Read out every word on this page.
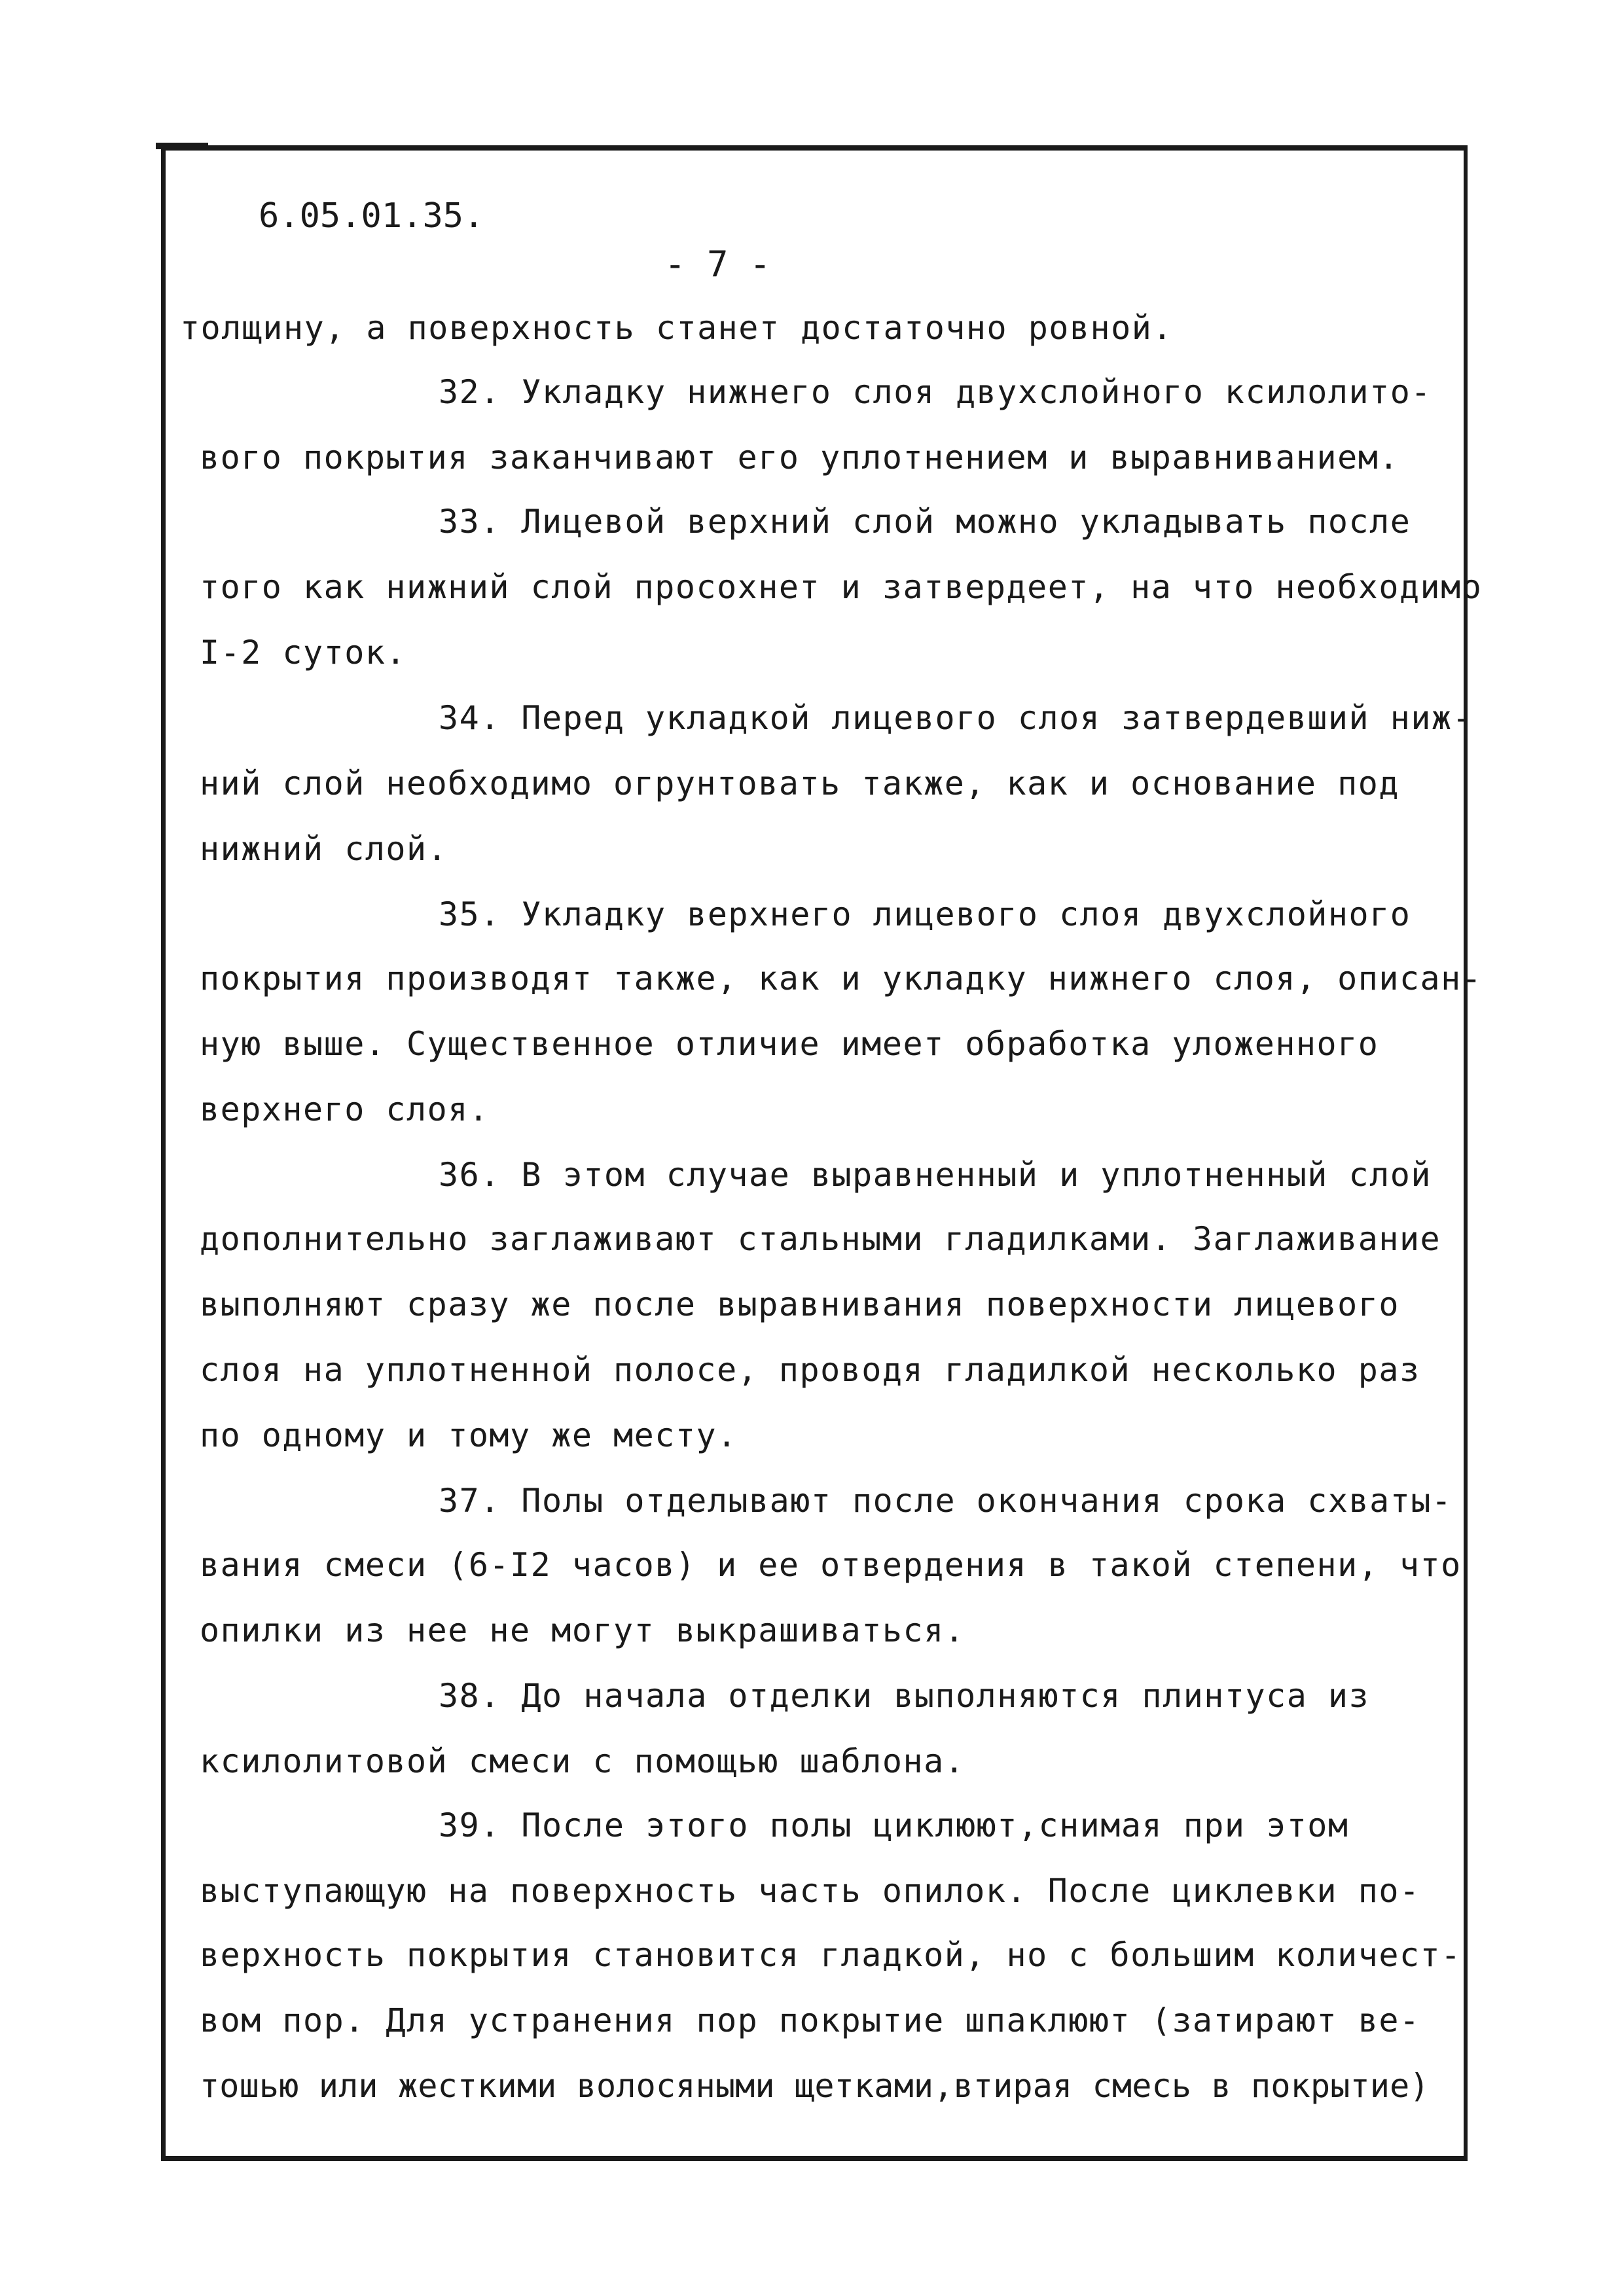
6.05.01.35.
- 7 -
толщину, а поверхность станет достаточно ровной.
32. Укладку нижнего слоя двухслойного ксилолито-
вого покрытия заканчивают его уплотнением и выравниванием.
33. Лицевой верхний слой можно укладывать после
того как нижний слой просохнет и затвердеет, на что необходимо
I-2 суток.
34. Перед укладкой лицевого слоя затвердевший ниж-
ний слой необходимо огрунтовать также, как и основание под
нижний слой.
35. Укладку верхнего лицевого слоя двухслойного
покрытия производят также, как и укладку нижнего слоя, описан-
ную выше. Существенное отличие имеет обработка уложенного
верхнего слоя.
36. В этом случае выравненный и уплотненный слой
дополнительно заглаживают стальными гладилками. Заглаживание
выполняют сразу же после выравнивания поверхности лицевого
слоя на уплотненной полосе, проводя гладилкой несколько раз
по одному и тому же месту.
37. Полы отделывают после окончания срока схваты-
вания смеси (6-I2 часов) и ее отвердения в такой степени, что
опилки из нее не могут выкрашиваться.
38. До начала отделки выполняются плинтуса из
ксилолитовой смеси с помощью шаблона.
39. После этого полы циклюют,снимая при этом
выступающую на поверхность часть опилок. После циклевки по-
верхность покрытия становится гладкой, но с большим количест-
вом пор. Для устранения пор покрытие шпаклюют (затирают ве-
тошью или жесткими волосяными щетками,втирая смесь в покрытие)
